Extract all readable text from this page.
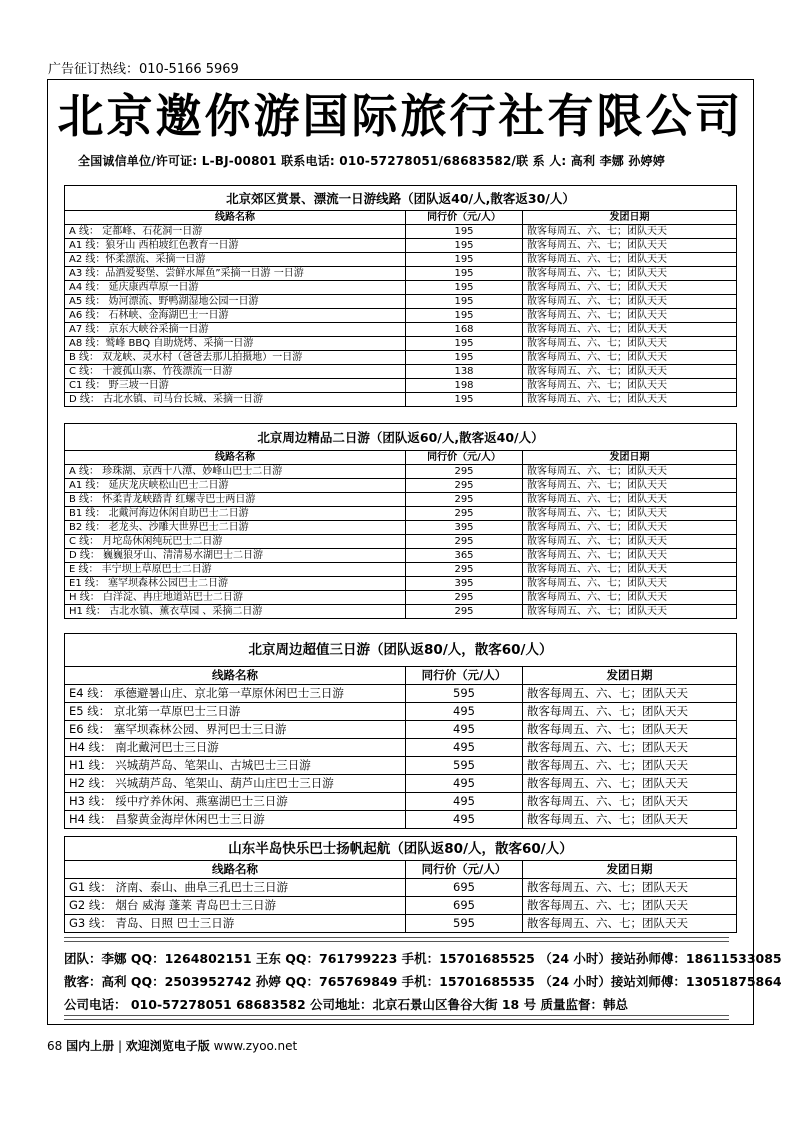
广告征订热线：010-5166 5969
北京邀你游国际旅行社有限公司
全国诚信单位/许可证: L-BJ-00801 联系电话: 010-57278051/68683582/联 系 人: 高利 李娜 孙婷婷
北京郊区赏景、漂流一日游线路（团队返40/人,散客返30/人）
线路名称	同行价（元/人）	发团日期
A 线： 定都峰、石花洞一日游	195	散客每周五、六、七；团队天天
A1 线：狼牙山 西柏坡红色教育一日游	195	散客每周五、六、七；团队天天
A2 线：怀柔漂流、采摘一日游	195	散客每周五、六、七；团队天天
A3 线：品酒爱娶堡、尝鲜水犀鱼”采摘一日游 一日游	195	散客每周五、六、七；团队天天
A4 线： 延庆康西草原一日游	195	散客每周五、六、七；团队天天
A5 线： 妫河漂流、野鸭湖湿地公园一日游	195	散客每周五、六、七；团队天天
A6 线： 石林峡、金海湖巴士一日游	195	散客每周五、六、七；团队天天
A7 线： 京东大峡谷采摘一日游	168	散客每周五、六、七；团队天天
A8 线：鹫峰 BBQ 自助烧烤、采摘一日游	195	散客每周五、六、七；团队天天
B 线： 双龙峡、灵水村（爸爸去那儿拍摄地）一日游	195	散客每周五、六、七；团队天天
C 线： 十渡孤山寨、竹筏漂流一日游	138	散客每周五、六、七；团队天天
C1 线： 野三坡一日游	198	散客每周五、六、七；团队天天
D 线： 古北水镇、司马台长城、采摘一日游	195	散客每周五、六、七；团队天天
北京周边精品二日游（团队返60/人,散客返40/人）
线路名称	同行价（元/人）	发团日期
A 线： 珍珠湖、京西十八潭、妙峰山巴士二日游	295	散客每周五、六、七；团队天天
A1 线： 延庆龙庆峡松山巴士二日游	295	散客每周五、六、七；团队天天
B 线： 怀柔青龙峡踏青 红螺寺巴士两日游	295	散客每周五、六、七；团队天天
B1 线： 北戴河海边休闲自助巴士二日游	295	散客每周五、六、七；团队天天
B2 线： 老龙头、沙雕大世界巴士二日游	395	散客每周五、六、七；团队天天
C 线： 月坨岛休闲纯玩巴士二日游	295	散客每周五、六、七；团队天天
D 线： 巍巍狼牙山、清清易水湖巴士二日游	365	散客每周五、六、七；团队天天
E 线： 丰宁坝上草原巴士二日游	295	散客每周五、六、七；团队天天
E1 线： 塞罕坝森林公园巴士二日游	395	散客每周五、六、七；团队天天
H 线： 白洋淀、冉庄地道站巴士二日游	295	散客每周五、六、七；团队天天
H1 线： 古北水镇、薰衣草园 、采摘二日游	295	散客每周五、六、七；团队天天
北京周边超值三日游（团队返80/人，散客60/人）
线路名称	同行价（元/人）	发团日期
E4 线： 承德避暑山庄、京北第一草原休闲巴士三日游	595	散客每周五、六、七；团队天天
E5 线： 京北第一草原巴士三日游	495	散客每周五、六、七；团队天天
E6 线： 塞罕坝森林公园、界河巴士三日游	495	散客每周五、六、七；团队天天
H4 线： 南北戴河巴士三日游	495	散客每周五、六、七；团队天天
H1 线： 兴城葫芦岛、笔架山、古城巴士三日游	595	散客每周五、六、七；团队天天
H2 线： 兴城葫芦岛、笔架山、葫芦山庄巴士三日游	495	散客每周五、六、七；团队天天
H3 线： 绥中疗养休闲、燕塞湖巴士三日游	495	散客每周五、六、七；团队天天
H4 线： 昌黎黄金海岸休闲巴士三日游	495	散客每周五、六、七；团队天天
山东半岛快乐巴士扬帆起航（团队返80/人，散客60/人）
线路名称	同行价（元/人）	发团日期
G1 线： 济南、泰山、曲阜三孔巴士三日游	695	散客每周五、六、七；团队天天
G2 线： 烟台 威海 蓬莱 青岛巴士三日游	695	散客每周五、六、七；团队天天
G3 线： 青岛、日照 巴士三日游	595	散客每周五、六、七；团队天天
团队：李娜 QQ：1264802151 王东 QQ：761799223 手机：15701685525 （24 小时）接站孙师傅：18611533085
散客：高利 QQ：2503952742 孙婷 QQ：765769849 手机：15701685535 （24 小时）接站刘师傅：13051875864
公司电话： 010-57278051 68683582 公司地址：北京石景山区鲁谷大街 18 号 质量监督：韩总
68 国内上册 | 欢迎浏览电子版 www.zyoo.net
